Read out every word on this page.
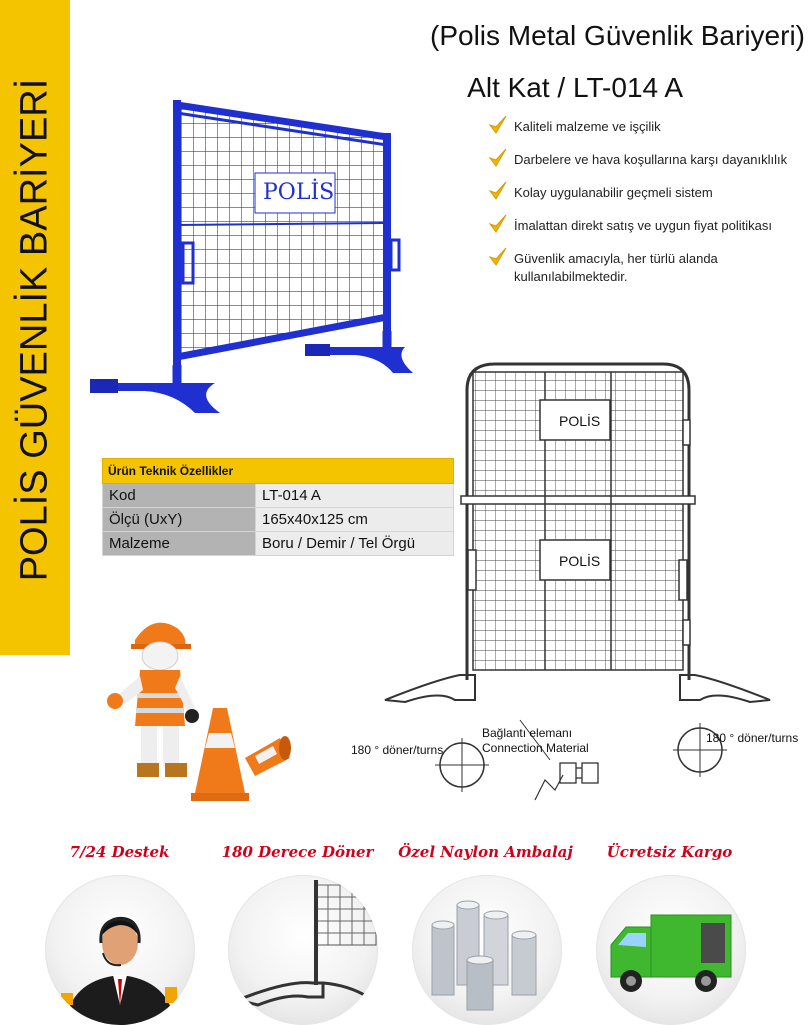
POLİS GÜVENLİK BARİYERİ
(Polis Metal Güvenlik Bariyeri)
Alt Kat / LT-014 A
POLİS
Kaliteli malzeme ve işçilik
Darbelere ve hava koşullarına karşı dayanıklılık
Kolay uygulanabilir geçmeli sistem
İmalattan direkt satış ve uygun fiyat politikası
Güvenlik amacıyla, her türlü alanda kullanılabilmektedir.
Ürün Teknik Özellikler	
Kod	LT-014 A
Ölçü (UxY)	165x40x125 cm
Malzeme	Boru / Demir / Tel Örgü
POLİS
POLİS
180 ° döner/turns
180 ° döner/turns
Bağlantı elemanı
Connection Material
7/24 Destek	180 Derece Döner	Özel Naylon Ambalaj	Ücretsiz Kargo
